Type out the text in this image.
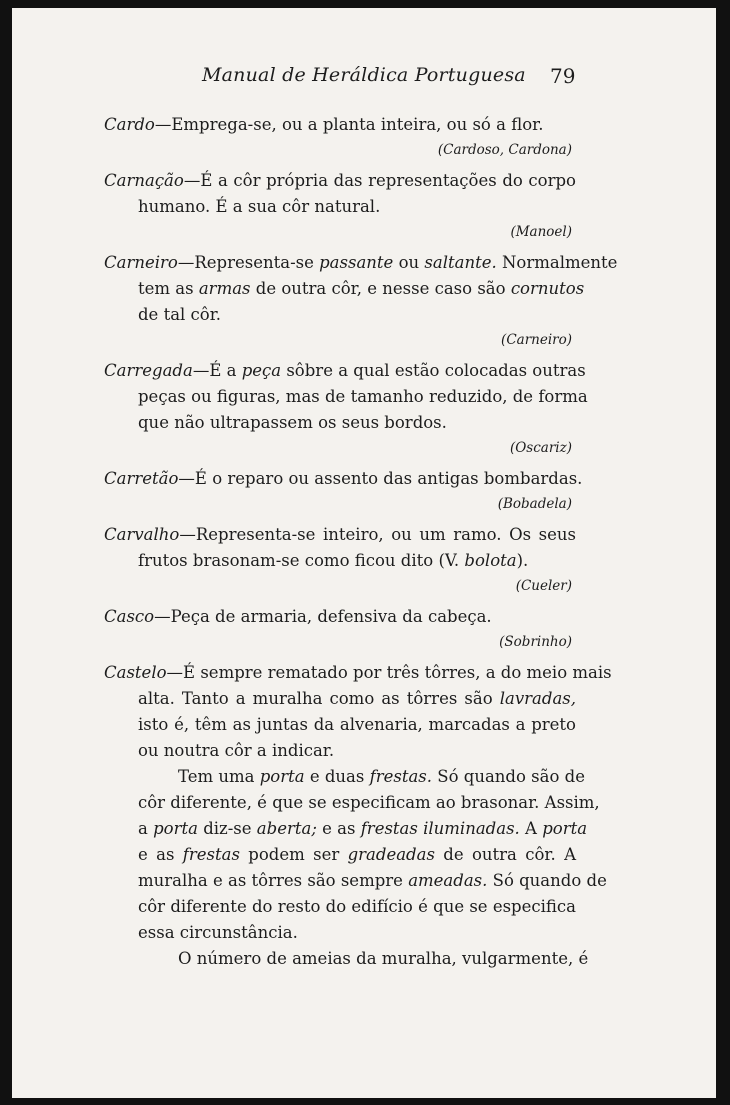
Manual de Heráldica Portuguesa 79
Cardo—Emprega-se, ou a planta inteira, ou só a flor.
(Cardoso, Cardona)
Carnação—É a côr própria das representações do corpo
humano. É a sua côr natural.
(Manoel)
Carneiro—Representa-se passante ou saltante. Normalmente
tem as armas de outra côr, e nesse caso são cornutos
de tal côr.
(Carneiro)
Carregada—É a peça sôbre a qual estão colocadas outras
peças ou figuras, mas de tamanho reduzido, de forma
que não ultrapassem os seus bordos.
(Oscariz)
Carretão—É o reparo ou assento das antigas bombardas.
(Bobadela)
Carvalho—Representa-se inteiro, ou um ramo. Os seus
frutos brasonam-se como ficou dito (V. bolota).
(Cueler)
Casco—Peça de armaria, defensiva da cabeça.
(Sobrinho)
Castelo—É sempre rematado por três tôrres, a do meio mais
alta. Tanto a muralha como as tôrres são lavradas,
isto é, têm as juntas da alvenaria, marcadas a preto
ou noutra côr a indicar.
Tem uma porta e duas frestas. Só quando são de
côr diferente, é que se especificam ao brasonar. Assim,
a porta diz-se aberta; e as frestas iluminadas. A porta
e as frestas podem ser gradeadas de outra côr. A
muralha e as tôrres são sempre ameadas. Só quando de
côr diferente do resto do edifício é que se especifica
essa circunstância.
O número de ameias da muralha, vulgarmente, é
